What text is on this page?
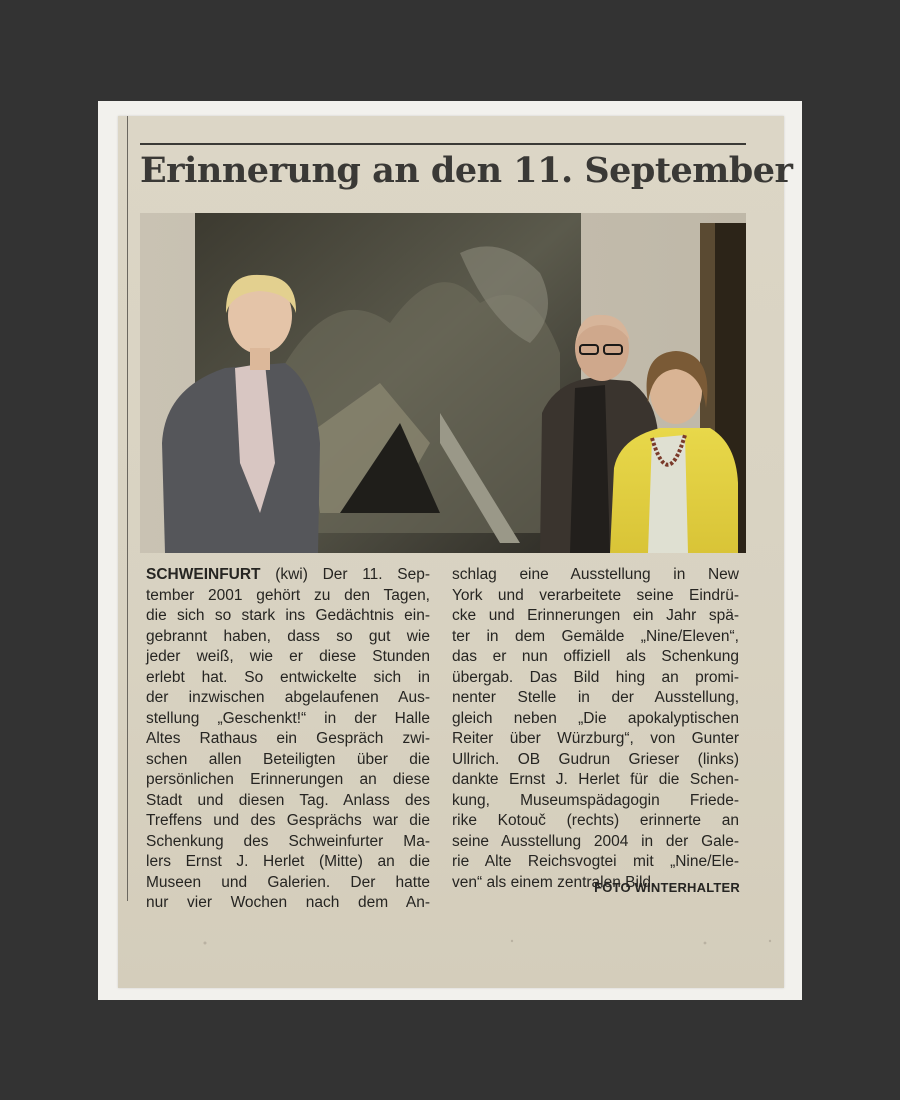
Erinnerung an den 11. September
SCHWEINFURT (kwi) Der 11. Sep-
tember 2001 gehört zu den Tagen,
die sich so stark ins Gedächtnis ein-
gebrannt haben, dass so gut wie
jeder weiß, wie er diese Stunden
erlebt hat. So entwickelte sich in
der inzwischen abgelaufenen Aus-
stellung „Geschenkt!“ in der Halle
Altes Rathaus ein Gespräch zwi-
schen allen Beteiligten über die
persönlichen Erinnerungen an diese
Stadt und diesen Tag. Anlass des
Treffens und des Gesprächs war die
Schenkung des Schweinfurter Ma-
lers Ernst J. Herlet (Mitte) an die
Museen und Galerien. Der hatte
nur vier Wochen nach dem An-
schlag eine Ausstellung in New
York und verarbeitete seine Eindrü-
cke und Erinnerungen ein Jahr spä-
ter in dem Gemälde „Nine/Eleven“,
das er nun offiziell als Schenkung
übergab. Das Bild hing an promi-
nenter Stelle in der Ausstellung,
gleich neben „Die apokalyptischen
Reiter über Würzburg“, von Gunter
Ullrich. OB Gudrun Grieser (links)
dankte Ernst J. Herlet für die Schen-
kung, Museumspädagogin Friede-
rike Kotouč (rechts) erinnerte an
seine Ausstellung 2004 in der Gale-
rie Alte Reichsvogtei mit „Nine/Ele-
ven“ als einem zentralen Bild.
FOTO WINTERHALTER
